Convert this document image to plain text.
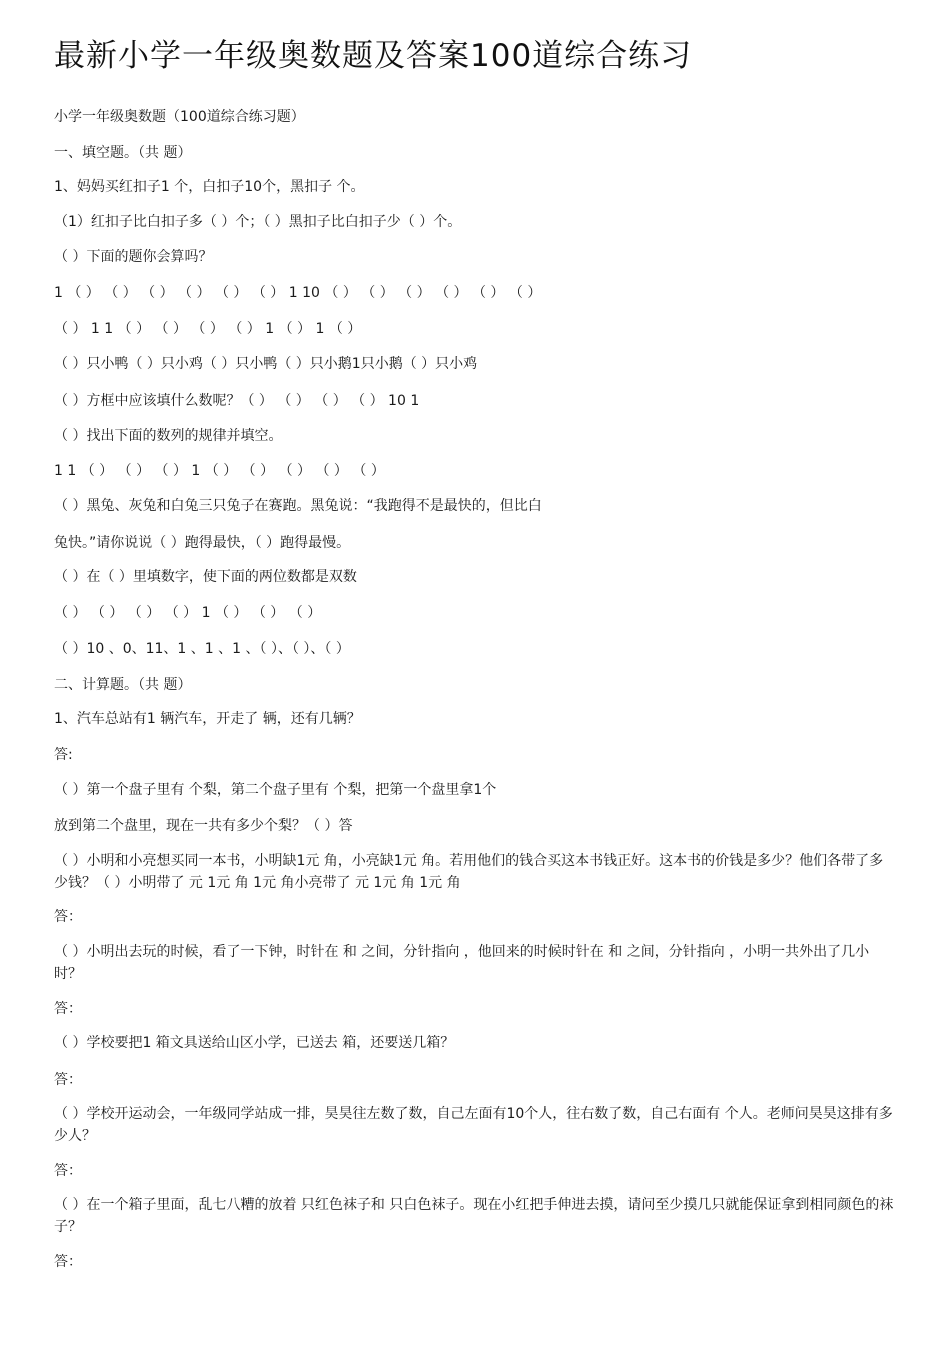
最新小学一年级奥数题及答案100道综合练习

小学一年级奥数题（100道综合练习题）

一、填空题。（共 题）

1、妈妈买红扣子1 个，白扣子10个，黑扣子 个。

（1）红扣子比白扣子多（ ）个；（ ）黑扣子比白扣子少（ ）个。

（ ）下面的题你会算吗？

1 （ ） （ ） （ ） （ ） （ ） （ ） 1 10 （ ） （ ） （ ） （ ） （ ） （ ）

（ ） 1 1 （ ） （ ） （ ） （ ） 1 （ ） 1 （ ）

（ ）只小鸭（ ）只小鸡（ ）只小鸭（ ）只小鹅1只小鹅（ ）只小鸡

（ ）方框中应该填什么数呢？（ ） （ ） （ ） （ ） 10 1

（ ）找出下面的数列的规律并填空。

1 1 （ ） （ ） （ ） 1 （ ） （ ） （ ） （ ） （ ）

（ ）黑兔、灰兔和白兔三只兔子在赛跑。黑兔说：“我跑得不是最快的，但比白

兔快。”请你说说（ ）跑得最快，（ ）跑得最慢。

（ ）在（ ）里填数字，使下面的两位数都是双数

（ ） （ ） （ ） （ ） 1 （ ） （ ） （ ）

（ ）10 、0、11、1 、1 、1 、（ ）、（ ）、（ ）

二、计算题。（共 题）

1、汽车总站有1 辆汽车，开走了 辆，还有几辆？

答:

（ ）第一个盘子里有 个梨，第二个盘子里有 个梨，把第一个盘里拿1个

放到第二个盘里，现在一共有多少个梨？（ ）答

（ ）小明和小亮想买同一本书，小明缺1元 角，小亮缺1元 角。若用他们的钱合买这本书钱正好。这本书的价钱是多少？他们各带了多少钱？（ ）小明带了 元 1元 角 1元 角小亮带了 元 1元 角 1元 角

答：

（ ）小明出去玩的时候，看了一下钟，时针在 和 之间，分针指向 ，他回来的时候时针在 和 之间，分针指向 ，小明一共外出了几小时？

答：

（ ）学校要把1 箱文具送给山区小学，已送去 箱，还要送几箱？

答：

（ ）学校开运动会，一年级同学站成一排，昊昊往左数了数，自己左面有10个人，往右数了数，自己右面有 个人。老师问昊昊这排有多少人？

答：

（ ）在一个箱子里面，乱七八糟的放着 只红色袜子和 只白色袜子。现在小红把手伸进去摸，请问至少摸几只就能保证拿到相同颜色的袜子？

答：
